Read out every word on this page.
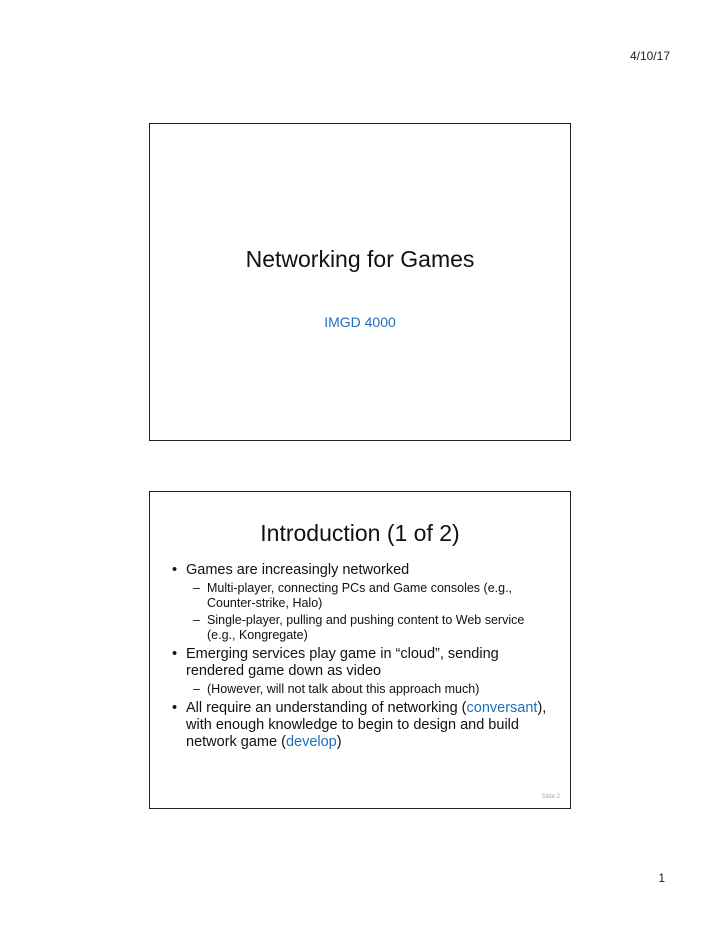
4/10/17
Networking for Games
IMGD 4000
Introduction (1 of 2)
• Games are increasingly networked
– Multi-player, connecting PCs and Game consoles (e.g., Counter-strike, Halo)
– Single-player, pulling and pushing content to Web service (e.g., Kongregate)
• Emerging services play game in “cloud”, sending rendered game down as video
– (However, will not talk about this approach much)
• All require an understanding of networking (conversant), with enough knowledge to begin to design and build network game (develop)
Slide 2
1
